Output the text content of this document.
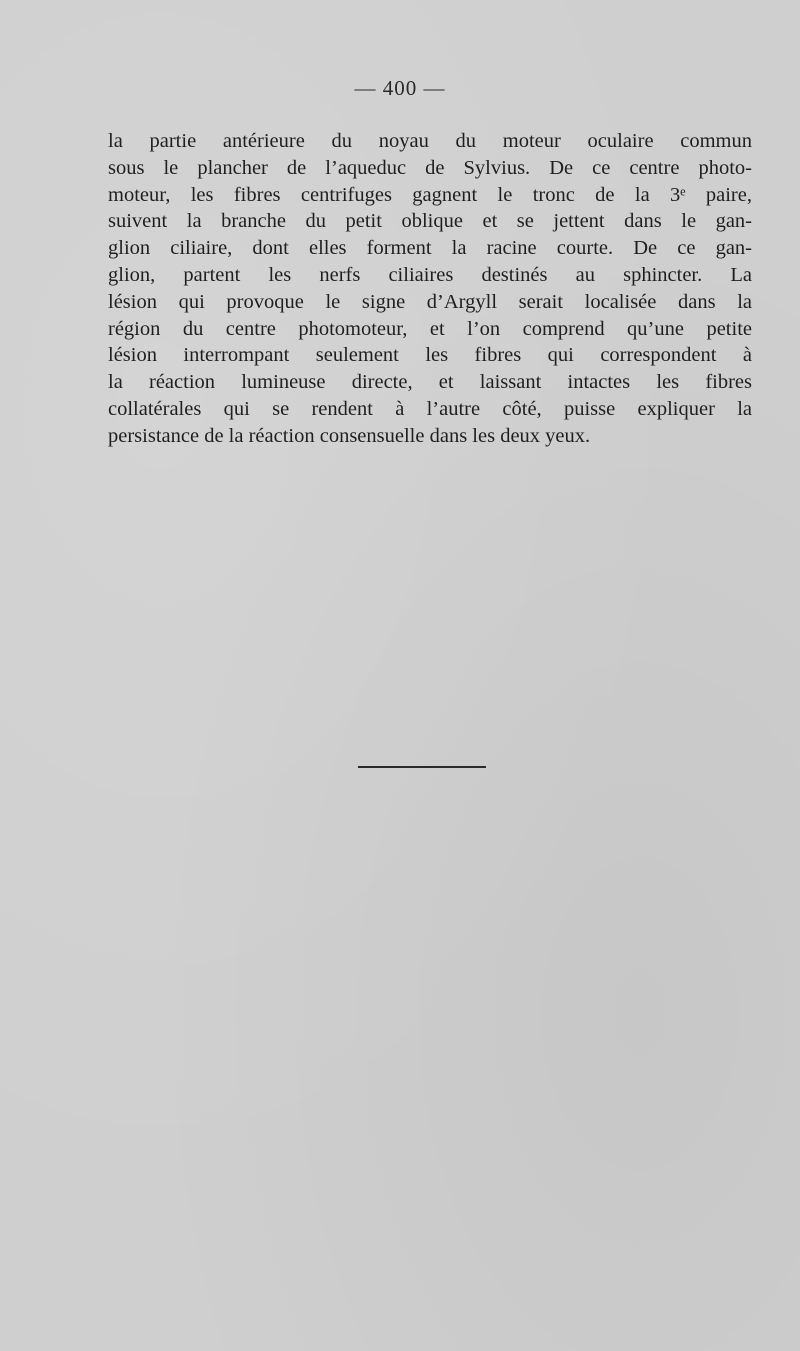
— 400 —
la partie antérieure du noyau du moteur oculaire commun
sous le plancher de l’aqueduc de Sylvius. De ce centre photo-
moteur, les fibres centrifuges gagnent le tronc de la 3ᵉ paire,
suivent la branche du petit oblique et se jettent dans le gan-
glion ciliaire, dont elles forment la racine courte. De ce gan-
glion, partent les nerfs ciliaires destinés au sphincter. La
lésion qui provoque le signe d’Argyll serait localisée dans la
région du centre photomoteur, et l’on comprend qu’une petite
lésion interrompant seulement les fibres qui correspondent à
la réaction lumineuse directe, et laissant intactes les fibres
collatérales qui se rendent à l’autre côté, puisse expliquer la
persistance de la réaction consensuelle dans les deux yeux.
